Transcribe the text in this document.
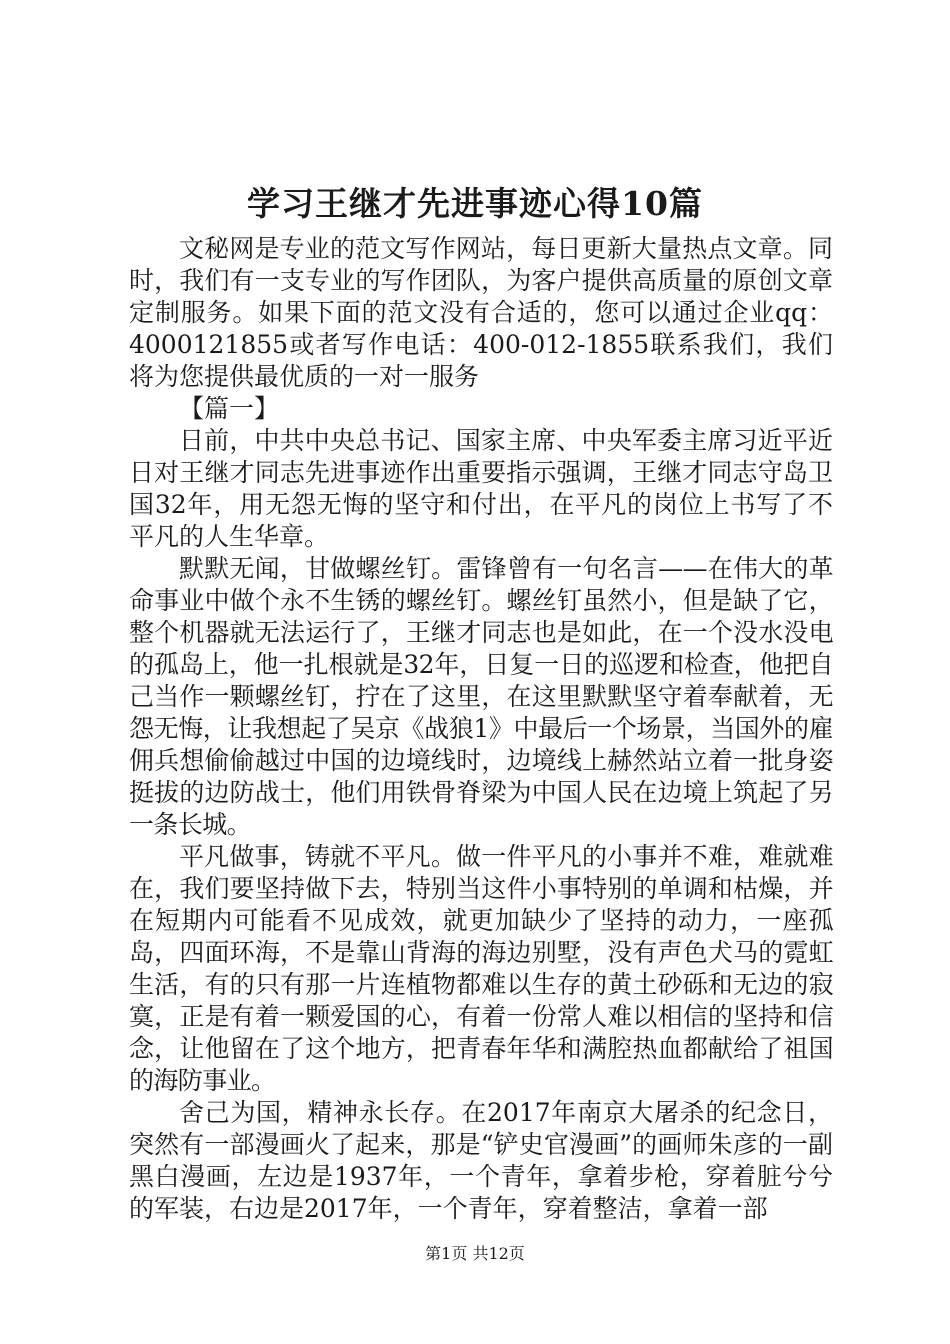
学习王继才先进事迹心得10篇

文秘网是专业的范文写作网站，每日更新大量热点文章。同时，我们有一支专业的写作团队，为客户提供高质量的原创文章定制服务。如果下面的范文没有合适的，您可以通过企业qq：4000121855或者写作电话：400-012-1855联系我们，我们将为您提供最优质的一对一服务

【篇一】

日前，中共中央总书记、国家主席、中央军委主席习近平近日对王继才同志先进事迹作出重要指示强调，王继才同志守岛卫国32年，用无怨无悔的坚守和付出，在平凡的岗位上书写了不平凡的人生华章。

默默无闻，甘做螺丝钉。雷锋曾有一句名言——在伟大的革命事业中做个永不生锈的螺丝钉。螺丝钉虽然小，但是缺了它，整个机器就无法运行了，王继才同志也是如此，在一个没水没电的孤岛上，他一扎根就是32年，日复一日的巡逻和检查，他把自己当作一颗螺丝钉，拧在了这里，在这里默默坚守着奉献着，无怨无悔，让我想起了吴京《战狼1》中最后一个场景，当国外的雇佣兵想偷偷越过中国的边境线时，边境线上赫然站立着一批身姿挺拔的边防战士，他们用铁骨脊梁为中国人民在边境上筑起了另一条长城。

平凡做事，铸就不平凡。做一件平凡的小事并不难，难就难在，我们要坚持做下去，特别当这件小事特别的单调和枯燥，并在短期内可能看不见成效，就更加缺少了坚持的动力，一座孤岛，四面环海，不是靠山背海的海边别墅，没有声色犬马的霓虹生活，有的只有那一片连植物都难以生存的黄土砂砾和无边的寂寞，正是有着一颗爱国的心，有着一份常人难以相信的坚持和信念，让他留在了这个地方，把青春年华和满腔热血都献给了祖国的海防事业。

舍己为国，精神永长存。在2017年南京大屠杀的纪念日，突然有一部漫画火了起来，那是“铲史官漫画”的画师朱彦的一副黑白漫画，左边是1937年，一个青年，拿着步枪，穿着脏兮兮的军装，右边是2017年，一个青年，穿着整洁，拿着一部

第1页 共12页
